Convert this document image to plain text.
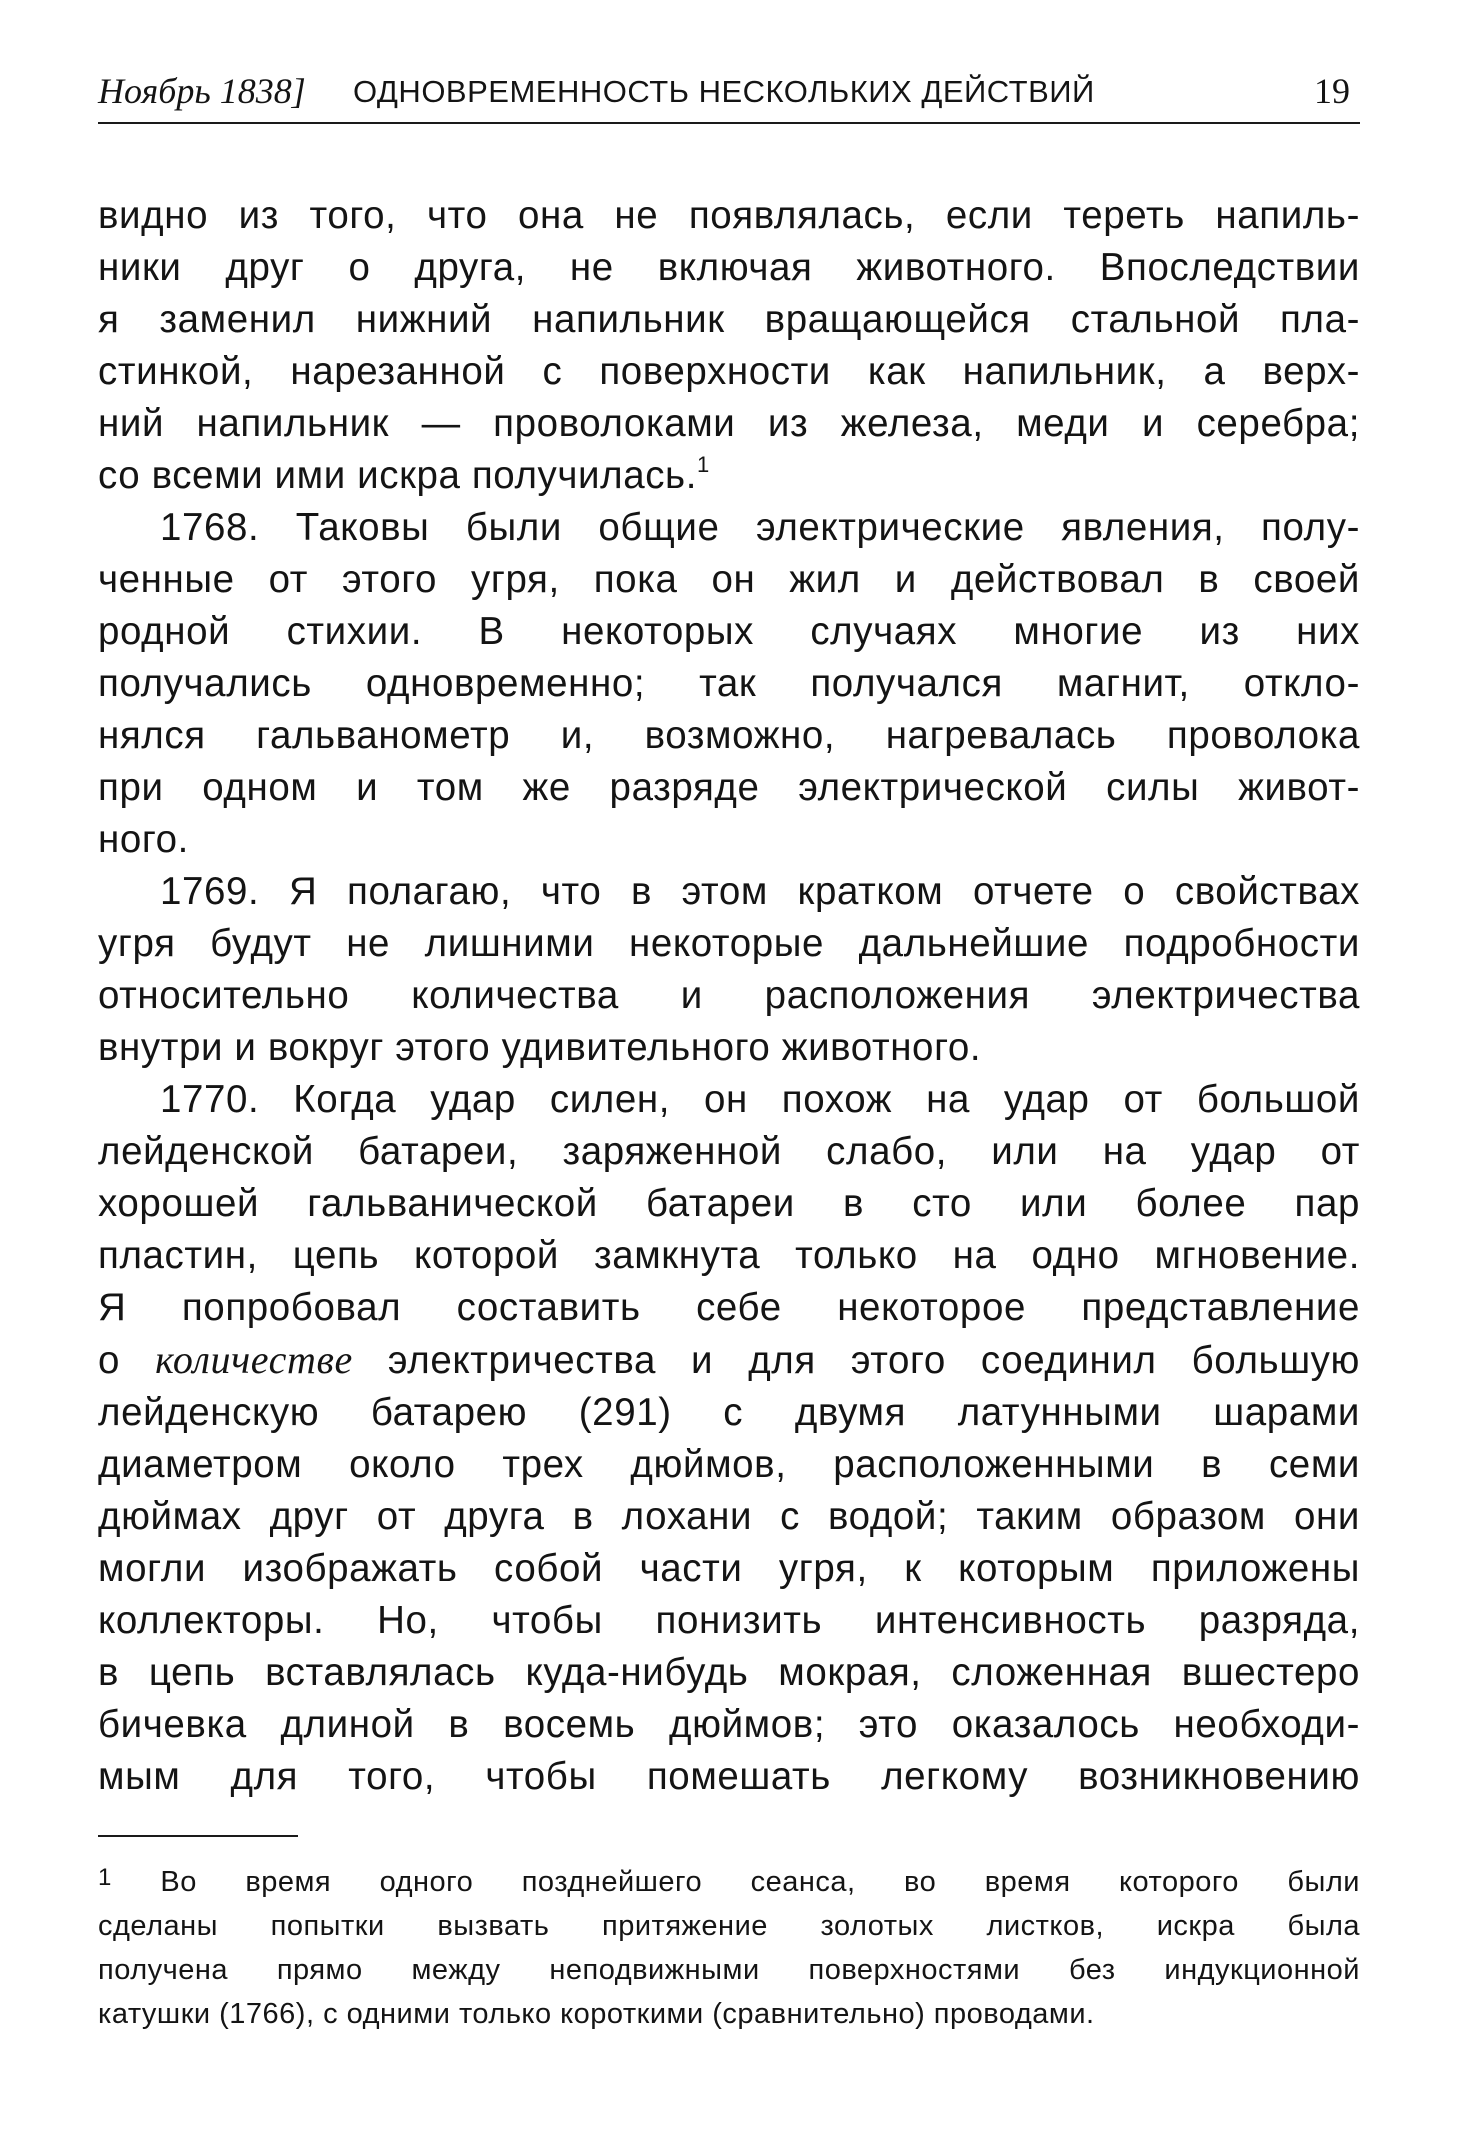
Ноябрь 1838] ОДНОВРЕМЕННОСТЬ НЕСКОЛЬКИХ ДЕЙСТВИЙ	19
видно из того, что она не появлялась, если тереть напиль-
ники друг о друга, не включая животного. Впоследствии
я заменил нижний напильник вращающейся стальной пла-
стинкой, нарезанной с поверхности как напильник, а верх-
ний напильник — проволоками из железа, меди и серебра;
со всеми ими искра получилась.$^1$
1768. Таковы были общие электрические явления, полу-
ченные от этого угря, пока он жил и действовал в своей
родной стихии. В некоторых случаях многие из них
получались одновременно; так получался магнит, откло-
нялся гальванометр и, возможно, нагревалась проволока
при одном и том же разряде электрической силы живот-
ного.
1769. Я полагаю, что в этом кратком отчете о свойствах
угря будут не лишними некоторые дальнейшие подробности
относительно количества и расположения электричества
внутри и вокруг этого удивительного животного.
1770. Когда удар силен, он похож на удар от большой
лейденской батареи, заряженной слабо, или на удар от
хорошей гальванической батареи в сто или более пар
пластин, цепь которой замкнута только на одно мгновение.
Я попробовал составить себе некоторое представление
о количестве электричества и для этого соединил большую
лейденскую батарею (291) с двумя латунными шарами
диаметром около трех дюймов, расположенными в семи
дюймах друг от друга в лохани с водой; таким образом они
могли изображать собой части угря, к которым приложены
коллекторы. Но, чтобы понизить интенсивность разряда,
в цепь вставлялась куда-нибудь мокрая, сложенная вшестеро
бичевка длиной в восемь дюймов; это оказалось необходи-
мым для того, чтобы помешать легкому возникновению
$^1$ Во время одного позднейшего сеанса, во время которого были
сделаны попытки вызвать притяжение золотых листков, искра была
получена прямо между неподвижными поверхностями без индукционной
катушки (1766), с одними только короткими (сравнительно) проводами.
